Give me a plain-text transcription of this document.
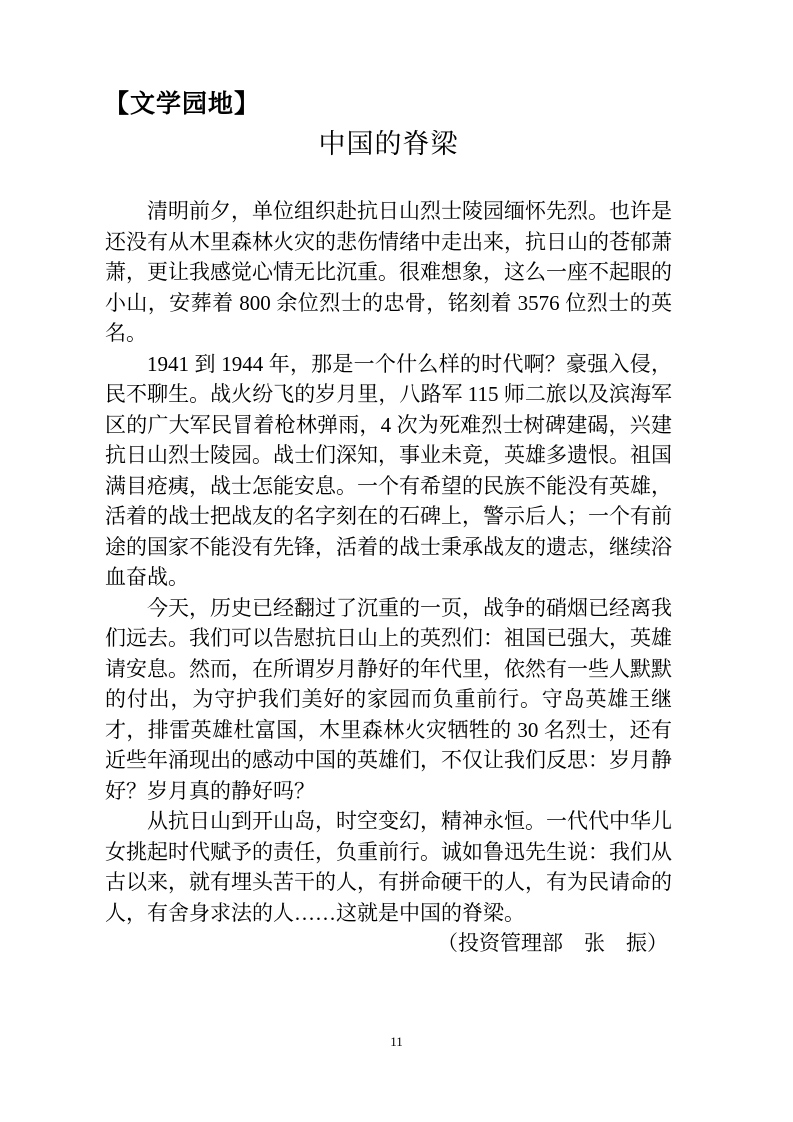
【文学园地】
中国的脊梁

清明前夕，单位组织赴抗日山烈士陵园缅怀先烈。也许是还没有从木里森林火灾的悲伤情绪中走出来，抗日山的苍郁萧萧，更让我感觉心情无比沉重。很难想象，这么一座不起眼的小山，安葬着 800 余位烈士的忠骨，铭刻着 3576 位烈士的英名。

1941 到 1944 年，那是一个什么样的时代啊？豪强入侵，民不聊生。战火纷飞的岁月里，八路军 115 师二旅以及滨海军区的广大军民冒着枪林弹雨，4 次为死难烈士树碑建碣，兴建抗日山烈士陵园。战士们深知，事业未竟，英雄多遗恨。祖国满目疮痍，战士怎能安息。一个有希望的民族不能没有英雄，活着的战士把战友的名字刻在的石碑上，警示后人；一个有前途的国家不能没有先锋，活着的战士秉承战友的遗志，继续浴血奋战。

今天，历史已经翻过了沉重的一页，战争的硝烟已经离我们远去。我们可以告慰抗日山上的英烈们：祖国已强大，英雄请安息。然而，在所谓岁月静好的年代里，依然有一些人默默的付出，为守护我们美好的家园而负重前行。守岛英雄王继才，排雷英雄杜富国，木里森林火灾牺牲的 30 名烈士，还有近些年涌现出的感动中国的英雄们，不仅让我们反思：岁月静好？岁月真的静好吗？

从抗日山到开山岛，时空变幻，精神永恒。一代代中华儿女挑起时代赋予的责任，负重前行。诚如鲁迅先生说：我们从古以来，就有埋头苦干的人，有拼命硬干的人，有为民请命的人，有舍身求法的人……这就是中国的脊梁。

（投资管理部　张　振）

11
